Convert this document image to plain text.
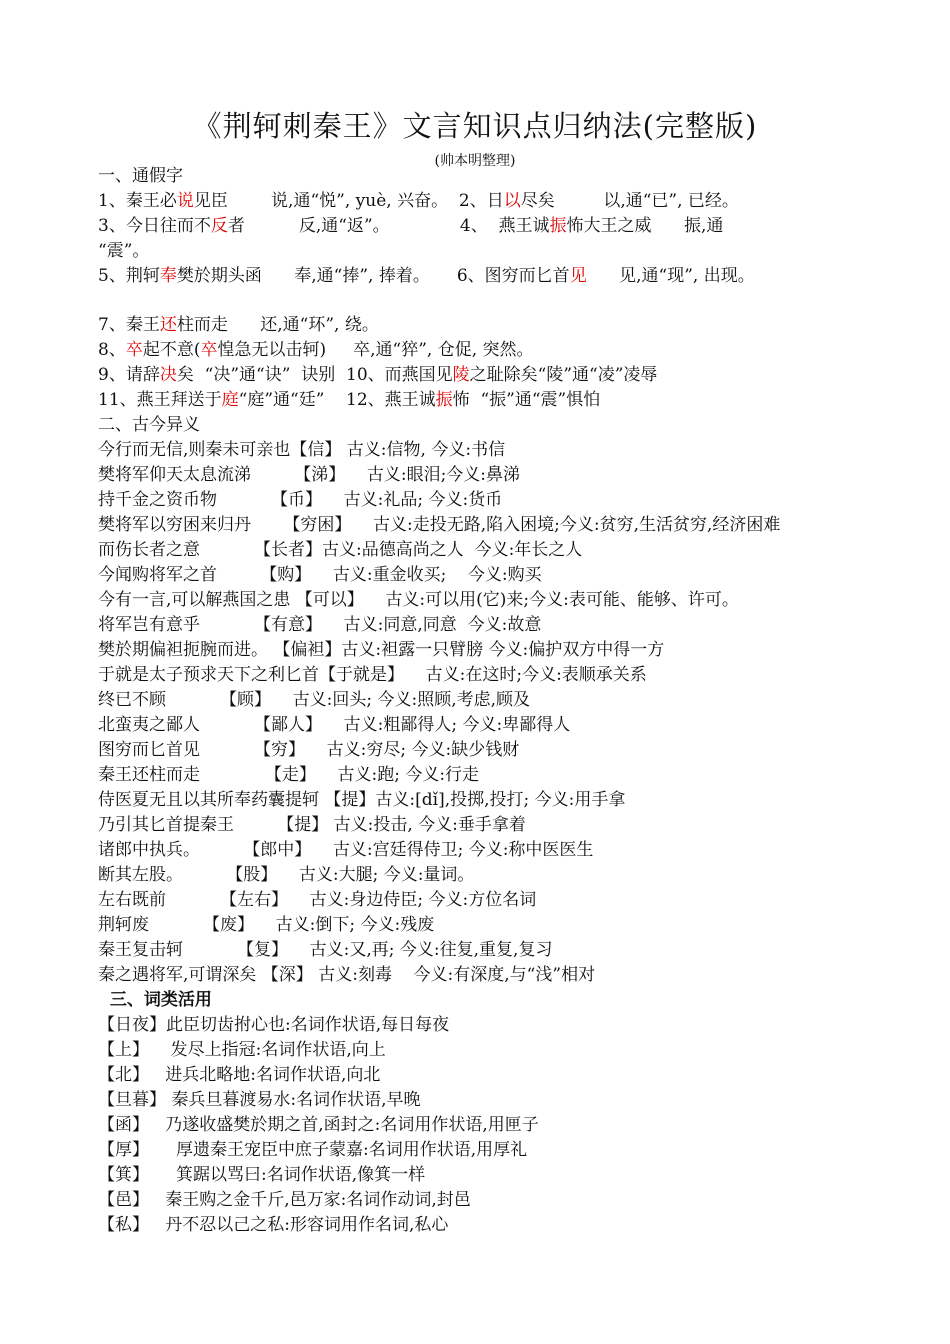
《荆轲刺秦王》文言知识点归纳法(完整版)
(帅本明整理)
一、通假字
1、秦王必说见臣        说,通“悦”, yuè, 兴奋。  2、日以尽矣         以,通“已”, 已经。
3、今日往而不反者          反,通“返”。             4、  燕王诚振怖大王之威      振,通
“震”。
5、荆轲奉樊於期头函      奉,通“捧”, 捧着。     6、图穷而匕首见      见,通“现”, 出现。
7、秦王还柱而走      还,通“环”, 绕。
8、卒起不意(卒惶急无以击轲)     卒,通“猝”, 仓促, 突然。
9、请辞决矣  “决”通“诀”  诀别  10、而燕国见陵之耻除矣“陵”通“凌”凌辱
11、燕王拜送于庭“庭”通“廷”    12、燕王诚振怖  “振”通“震”惧怕
二、古今异义
今行而无信,则秦未可亲也【信】 古义:信物, 今义:书信
樊将军仰天太息流涕        【涕】    古义:眼泪;今义:鼻涕
持千金之资币物          【币】    古义:礼品; 今义:货币
樊将军以穷困来归丹      【穷困】    古义:走投无路,陷入困境;今义:贫穷,生活贫穷,经济困难
而伤长者之意          【长者】古义:品德高尚之人  今义:年长之人
今闻购将军之首        【购】    古义:重金收买;    今义:购买
今有一言,可以解燕国之患 【可以】    古义:可以用(它)来;今义:表可能、能够、许可。
将军岂有意乎          【有意】    古义:同意,同意  今义:故意
樊於期偏袒扼腕而进。 【偏袒】古义:袒露一只臂膀 今义:偏护双方中得一方
于就是太子预求天下之利匕首【于就是】    古义:在这时;今义:表顺承关系
终已不顾          【顾】    古义:回头; 今义:照顾,考虑,顾及
北蛮夷之鄙人          【鄙人】    古义:粗鄙得人; 今义:卑鄙得人
图穷而匕首见          【穷】    古义:穷尽; 今义:缺少钱财
秦王还柱而走            【走】    古义:跑; 今义:行走
侍医夏无且以其所奉药囊提轲 【提】古义:[dǐ],投掷,投打; 今义:用手拿
乃引其匕首提秦王        【提】 古义:投击, 今义:垂手拿着
诸郎中执兵。        【郎中】    古义:宫廷得侍卫; 今义:称中医医生
断其左股。        【股】    古义:大腿; 今义:量词。
左右既前          【左右】    古义:身边侍臣; 今义:方位名词
荆轲废          【废】    古义:倒下; 今义:残废
秦王复击轲          【复】    古义:又,再; 今义:往复,重复,复习
秦之遇将军,可谓深矣 【深】 古义:刻毒    今义:有深度,与“浅”相对
三、词类活用
【日夜】此臣切齿拊心也:名词作状语,每日每夜
【上】    发尽上指冠:名词作状语,向上
【北】   进兵北略地:名词作状语,向北
【旦暮】 秦兵旦暮渡易水:名词作状语,早晚
【函】   乃遂收盛樊於期之首,函封之:名词用作状语,用匣子
【厚】     厚遗秦王宠臣中庶子蒙嘉:名词用作状语,用厚礼
【箕】     箕踞以骂曰:名词作状语,像箕一样
【邑】   秦王购之金千斤,邑万家:名词作动词,封邑
【私】   丹不忍以己之私:形容词用作名词,私心
